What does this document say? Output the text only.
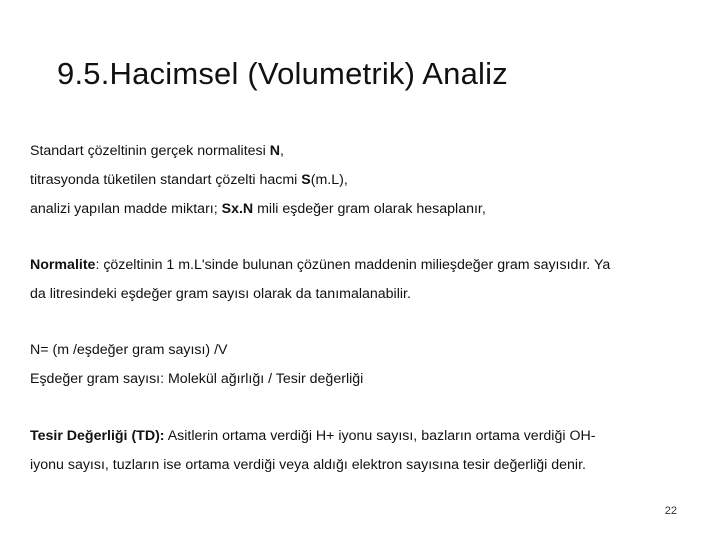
9.5.Hacimsel (Volumetrik) Analiz
Standart çözeltinin gerçek normalitesi N,
titrasyonda tüketilen standart çözelti hacmi S(m.L),
analizi yapılan madde miktarı; Sx.N mili eşdeğer gram olarak hesaplanır,
Normalite: çözeltinin 1 m.L'sinde bulunan çözünen maddenin milieşdeğer gram sayısıdır. Ya
da litresindeki eşdeğer gram sayısı olarak da tanımalanabilir.
N= (m /eşdeğer gram sayısı) /V
Eşdeğer gram sayısı: Molekül ağırlığı / Tesir değerliği
Tesir Değerliği (TD): Asitlerin ortama verdiği H+ iyonu sayısı, bazların ortama verdiği OH-
iyonu sayısı, tuzların ise ortama verdiği veya aldığı elektron sayısına tesir değerliği denir.
22
